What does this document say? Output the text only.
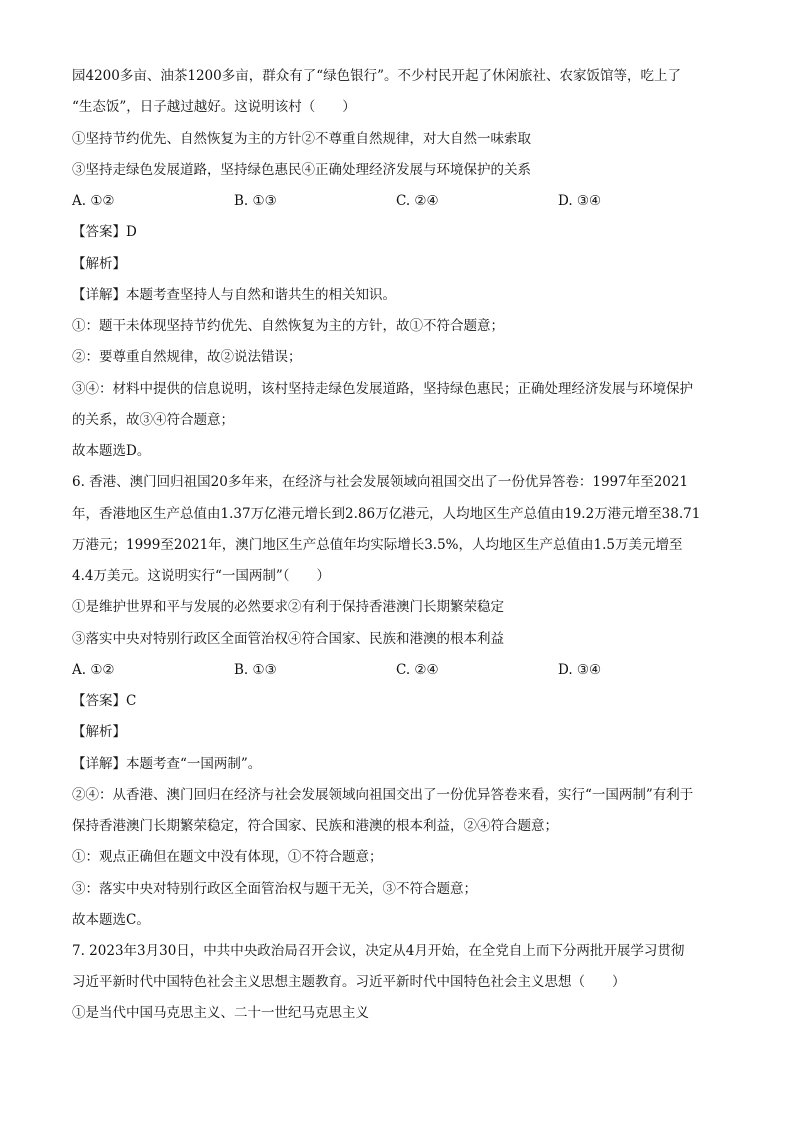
园4200多亩、油茶1200多亩，群众有了“绿色银行”。不少村民开起了休闲旅社、农家饭馆等，吃上了
“生态饭”，日子越过越好。这说明该村（　　）
①坚持节约优先、自然恢复为主的方针②不尊重自然规律，对大自然一味索取
③坚持走绿色发展道路，坚持绿色惠民④正确处理经济发展与环境保护的关系
A. ①②	B. ①③	C. ②④	D. ③④
【答案】D
【解析】
【详解】本题考查坚持人与自然和谐共生的相关知识。
①：题干未体现坚持节约优先、自然恢复为主的方针，故①不符合题意；
②：要尊重自然规律，故②说法错误；
③④：材料中提供的信息说明，该村坚持走绿色发展道路，坚持绿色惠民；正确处理经济发展与环境保护
的关系，故③④符合题意；
故本题选D。
6. 香港、澳门回归祖国20多年来，在经济与社会发展领域向祖国交出了一份优异答卷：1997年至2021
年，香港地区生产总值由1.37万亿港元增长到2.86万亿港元，人均地区生产总值由19.2万港元增至38.71
万港元；1999至2021年，澳门地区生产总值年均实际增长3.5%，人均地区生产总值由1.5万美元增至
4.4万美元。这说明实行“一国两制”（　　）
①是维护世界和平与发展的必然要求②有利于保持香港澳门长期繁荣稳定
③落实中央对特别行政区全面管治权④符合国家、民族和港澳的根本利益
A. ①②	B. ①③	C. ②④	D. ③④
【答案】C
【解析】
【详解】本题考查“一国两制”。
②④：从香港、澳门回归在经济与社会发展领域向祖国交出了一份优异答卷来看，实行“一国两制”有利于
保持香港澳门长期繁荣稳定，符合国家、民族和港澳的根本利益，②④符合题意；
①：观点正确但在题文中没有体现，①不符合题意；
③：落实中央对特别行政区全面管治权与题干无关，③不符合题意；
故本题选C。
7. 2023年3月30日，中共中央政治局召开会议，决定从4月开始，在全党自上而下分两批开展学习贯彻
习近平新时代中国特色社会主义思想主题教育。习近平新时代中国特色社会主义思想（　　）
①是当代中国马克思主义、二十一世纪马克思主义
